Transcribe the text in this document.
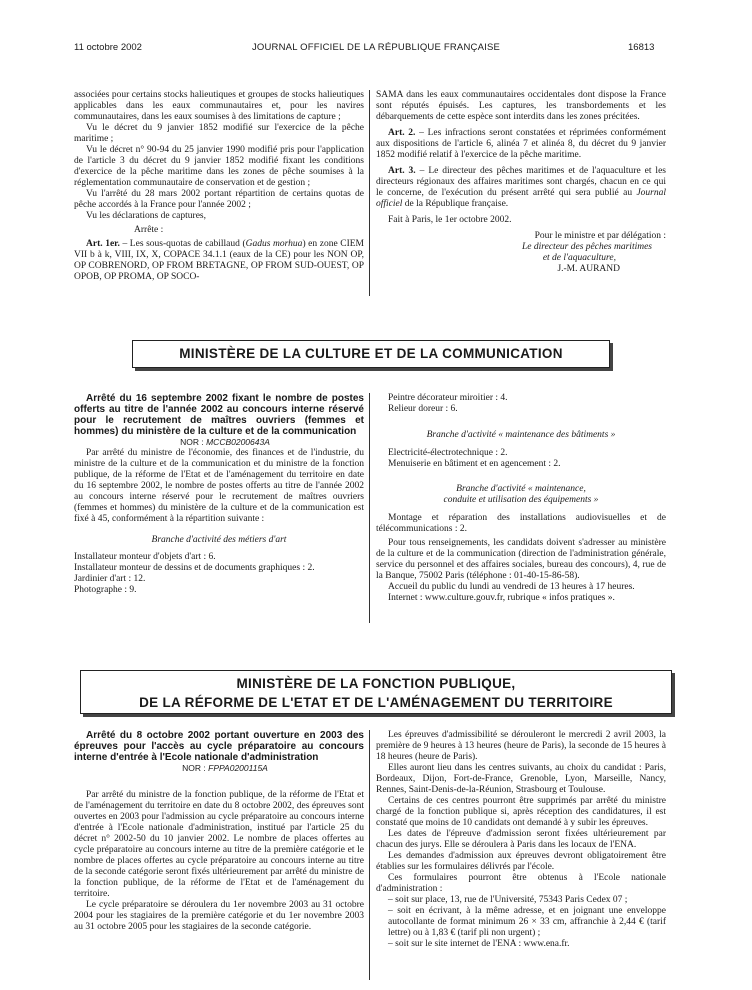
11 octobre 2002	JOURNAL OFFICIEL DE LA RÉPUBLIQUE FRANÇAISE	16813

associées pour certains stocks halieutiques et groupes de stocks halieutiques applicables dans les eaux communautaires et, pour les navires communautaires, dans les eaux soumises à des limitations de capture ;

Vu le décret du 9 janvier 1852 modifié sur l'exercice de la pêche maritime ;

Vu le décret n° 90-94 du 25 janvier 1990 modifié pris pour l'application de l'article 3 du décret du 9 janvier 1852 modifié fixant les conditions d'exercice de la pêche maritime dans les zones de pêche soumises à la réglementation communautaire de conservation et de gestion ;

Vu l'arrêté du 28 mars 2002 portant répartition de certains quotas de pêche accordés à la France pour l'année 2002 ;

Vu les déclarations de captures,

Arrête :

Art. 1er. – Les sous-quotas de cabillaud (Gadus morhua) en zone CIEM VII b à k, VIII, IX, X, COPACE 34.1.1 (eaux de la CE) pour les NON OP, OP COBRENORD, OP FROM BRETAGNE, OP FROM SUD-OUEST, OP OPOB, OP PROMA, OP SOCO-

SAMA dans les eaux communautaires occidentales dont dispose la France sont réputés épuisés. Les captures, les transbordements et les débarquements de cette espèce sont interdits dans les zones précitées.

Art. 2. – Les infractions seront constatées et réprimées conformément aux dispositions de l'article 6, alinéa 7 et alinéa 8, du décret du 9 janvier 1852 modifié relatif à l'exercice de la pêche maritime.

Art. 3. – Le directeur des pêches maritimes et de l'aquaculture et les directeurs régionaux des affaires maritimes sont chargés, chacun en ce qui le concerne, de l'exécution du présent arrêté qui sera publié au Journal officiel de la République française.

Fait à Paris, le 1er octobre 2002.

Pour le ministre et par délégation :

Le directeur des pêches maritimes

et de l'aquaculture,

J.-M. AURAND

MINISTÈRE DE LA CULTURE ET DE LA COMMUNICATION

Arrêté du 16 septembre 2002 fixant le nombre de postes offerts au titre de l'année 2002 au concours interne réservé pour le recrutement de maîtres ouvriers (femmes et hommes) du ministère de la culture et de la communication

NOR : MCCB0200643A

Par arrêté du ministre de l'économie, des finances et de l'industrie, du ministre de la culture et de la communication et du ministre de la fonction publique, de la réforme de l'Etat et de l'aménagement du territoire en date du 16 septembre 2002, le nombre de postes offerts au titre de l'année 2002 au concours interne réservé pour le recrutement de maîtres ouvriers (femmes et hommes) du ministère de la culture et de la communication est fixé à 45, conformément à la répartition suivante :

Branche d'activité des métiers d'art

Installateur monteur d'objets d'art : 6.

Installateur monteur de dessins et de documents graphiques : 2.

Jardinier d'art : 12.

Photographe : 9.

Peintre décorateur miroitier : 4.

Relieur doreur : 6.

Branche d'activité « maintenance des bâtiments »

Electricité-électrotechnique : 2.

Menuiserie en bâtiment et en agencement : 2.

Branche d'activité « maintenance,

conduite et utilisation des équipements »

Montage et réparation des installations audiovisuelles et de télécommunications : 2.

Pour tous renseignements, les candidats doivent s'adresser au ministère de la culture et de la communication (direction de l'administration générale, service du personnel et des affaires sociales, bureau des concours), 4, rue de la Banque, 75002 Paris (téléphone : 01-40-15-86-58).

Accueil du public du lundi au vendredi de 13 heures à 17 heures.

Internet : www.culture.gouv.fr, rubrique « infos pratiques ».

MINISTÈRE DE LA FONCTION PUBLIQUE,
DE LA RÉFORME DE L'ETAT ET DE L'AMÉNAGEMENT DU TERRITOIRE

Arrêté du 8 octobre 2002 portant ouverture en 2003 des épreuves pour l'accès au cycle préparatoire au concours interne d'entrée à l'Ecole nationale d'administration

NOR : FPPA0200115A

Par arrêté du ministre de la fonction publique, de la réforme de l'Etat et de l'aménagement du territoire en date du 8 octobre 2002, des épreuves sont ouvertes en 2003 pour l'admission au cycle préparatoire au concours interne d'entrée à l'Ecole nationale d'administration, institué par l'article 25 du décret n° 2002-50 du 10 janvier 2002. Le nombre de places offertes au cycle préparatoire au concours interne au titre de la première catégorie et le nombre de places offertes au cycle préparatoire au concours interne au titre de la seconde catégorie seront fixés ultérieurement par arrêté du ministre de la fonction publique, de la réforme de l'Etat et de l'aménagement du territoire.

Le cycle préparatoire se déroulera du 1er novembre 2003 au 31 octobre 2004 pour les stagiaires de la première catégorie et du 1er novembre 2003 au 31 octobre 2005 pour les stagiaires de la seconde catégorie.

Les épreuves d'admissibilité se dérouleront le mercredi 2 avril 2003, la première de 9 heures à 13 heures (heure de Paris), la seconde de 15 heures à 18 heures (heure de Paris).

Elles auront lieu dans les centres suivants, au choix du candidat : Paris, Bordeaux, Dijon, Fort-de-France, Grenoble, Lyon, Marseille, Nancy, Rennes, Saint-Denis-de-la-Réunion, Strasbourg et Toulouse.

Certains de ces centres pourront être supprimés par arrêté du ministre chargé de la fonction publique si, après réception des candidatures, il est constaté que moins de 10 candidats ont demandé à y subir les épreuves.

Les dates de l'épreuve d'admission seront fixées ultérieurement par chacun des jurys. Elle se déroulera à Paris dans les locaux de l'ENA.

Les demandes d'admission aux épreuves devront obligatoirement être établies sur les formulaires délivrés par l'école.

Ces formulaires pourront être obtenus à l'Ecole nationale d'administration :

– soit sur place, 13, rue de l'Université, 75343 Paris Cedex 07 ;
– soit en écrivant, à la même adresse, et en joignant une enveloppe autocollante de format minimum 26 × 33 cm, affranchie à 2,44 € (tarif lettre) ou à 1,83 € (tarif pli non urgent) ;
– soit sur le site internet de l'ENA : www.ena.fr.
